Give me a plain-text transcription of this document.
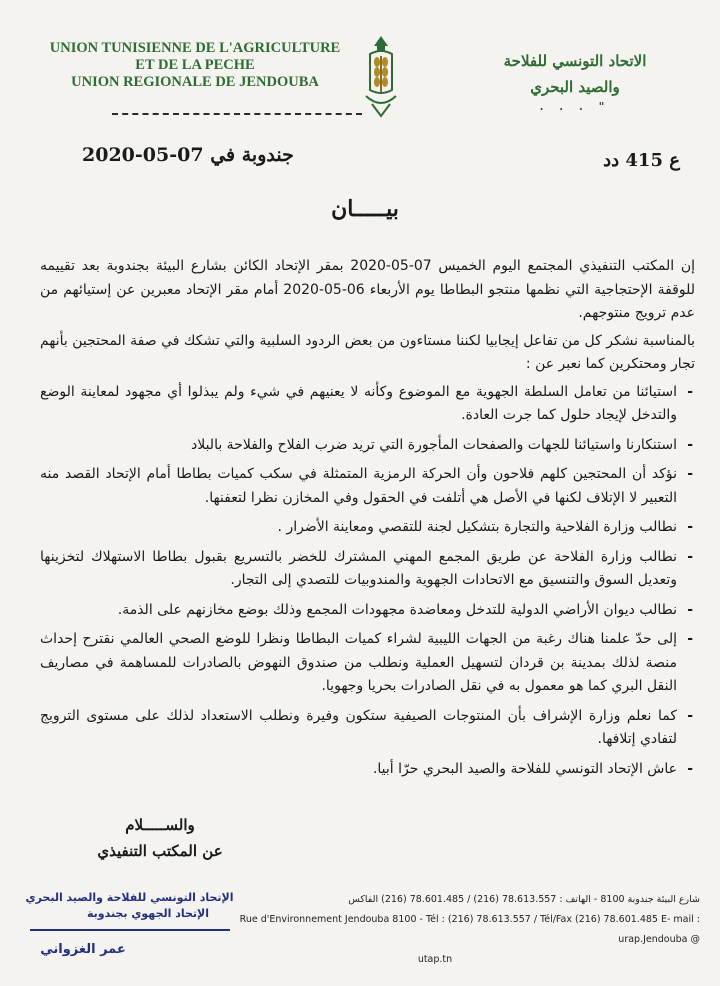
UNION TUNISIENNE DE L'AGRICULTURE
ET DE LA PECHE
UNION REGIONALE DE JENDOUBA
الاتحاد التونسي للفلاحة
والصيد البحري
" . . .
ع 415 دد
جندوبة في 07-05-2020
بيـــــان

إن المكتب التنفيذي المجتمع اليوم الخميس 07-05-2020 بمقر الإتحاد الكائن بشارع البيئة بجندوبة بعد تقييمه للوقفة الإحتجاجية التي نظمها منتجو البطاطا يوم الأربعاء 06-05-2020 أمام مقر الإتحاد معبرين عن إستيائهم من عدم ترويج منتوجهم.

بالمناسبة نشكر كل من تفاعل إيجابيا لكننا مستاءون من بعض الردود السلبية والتي تشكك في صفة المحتجين بأنهم تجار ومحتكرين كما نعبر عن :

- استيائنا من تعامل السلطة الجهوية مع الموضوع وكأنه لا يعنيهم في شيء ولم يبذلوا أي مجهود لمعاينة الوضع والتدخل لإيجاد حلول كما جرت العادة.
- استنكارنا واستيائنا للجهات والصفحات المأجورة التي تريد ضرب الفلاح والفلاحة بالبلاد
- نؤكد أن المحتجين كلهم فلاحون وأن الحركة الرمزية المتمثلة في سكب كميات بطاطا أمام الإتحاد القصد منه التعبير لا الإتلاف لكنها في الأصل هي أتلفت في الحقول وفي المخازن نظرا لتعفنها.
- نطالب وزارة الفلاحية والتجارة بتشكيل لجنة للتقصي ومعاينة الأضرار .
- نطالب وزارة الفلاحة عن طريق المجمع المهني المشترك للخضر بالتسريع بقبول بطاطا الاستهلاك لتخزينها وتعديل السوق والتنسيق مع الاتحادات الجهوية والمندوبيات للتصدي إلى التجار.
- نطالب ديوان الأراضي الدولية للتدخل ومعاضدة مجهودات المجمع وذلك بوضع مخازنهم على الذمة.
- إلى حدّ علمنا هناك رغبة من الجهات الليبية لشراء كميات البطاطا ونظرا للوضع الصحي العالمي نقترح إحداث منصة لذلك بمدينة بن قردان لتسهيل العملية ونطلب من صندوق النهوض بالصادرات للمساهمة في مصاريف النقل البري كما هو معمول به في نقل الصادرات بحريا وجهويا.
- كما نعلم وزارة الإشراف بأن المنتوجات الصيفية ستكون وفيرة ونطلب الاستعداد لذلك على مستوى الترويج لتفادي إتلافها.
- عاش الإتحاد التونسي للفلاحة والصيد البحري حرّا أبيا.
والســـــلام
عن المكتب التنفيذي
الإتحاد التونسي للفلاحة والصيد البحري
الإتحاد الجهوي بجندوبة
عمر الغزواني
شارع البيئة جندوبة 8100 - الهاتف : 78.613.557 (216) / 78.601.485 (216) الفاكس
Rue d'Environnement Jendouba 8100 - Tél : (216) 78.613.557 / Tél/Fax (216) 78.601.485 E- mail : urap.Jendouba @
utap.tn
